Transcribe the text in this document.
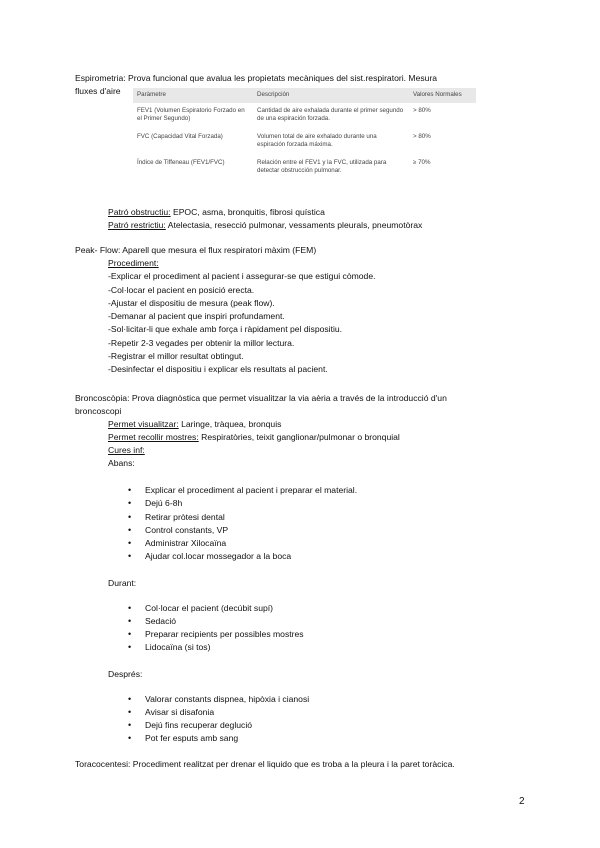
Espirometria: Prova funcional que avalua les propietats mecàniques del sist.respiratori. Mesura
fluxes d'aire	Paràmetre	Descripción	Valores Normales
FEV1 (Volumen Espiratorio Forzado en el Primer Segundo)	Cantidad de aire exhalada durante el primer segundo de una espiración forzada.	> 80%
FVC (Capacidad Vital Forzada)	Volumen total de aire exhalado durante una espiración forzada máxima.	> 80%
Índice de Tiffeneau (FEV1/FVC)	Relación entre el FEV1 y la FVC, utilizada para detectar obstrucción pulmonar.	≥ 70%
Patró obstructiu: EPOC, asma, bronquitis, fibrosi quística
Patró restrictiu: Atelectasia, resecció pulmonar, vessaments pleurals, pneumotòrax
Peak- Flow: Aparell que mesura el flux respiratori màxim (FEM)
Procediment:
-Explicar el procediment al pacient i assegurar-se que estigui còmode.
-Col·locar el pacient en posició erecta.
-Ajustar el dispositiu de mesura (peak flow).
-Demanar al pacient que inspiri profundament.
-Sol·licitar-li que exhale amb força i ràpidament pel dispositiu.
-Repetir 2-3 vegades per obtenir la millor lectura.
-Registrar el millor resultat obtingut.
-Desinfectar el dispositiu i explicar els resultats al pacient.
Broncoscòpia: Prova diagnòstica que permet visualitzar la via aèria a través de la introducció d'un
broncoscopi
Permet visualitzar: Laringe, tràquea, bronquis
Permet recollir mostres: Respiratòries, teixit ganglionar/pulmonar o bronquial
Cures inf:
Abans:
• Explicar el procediment al pacient i preparar el material.
• Dejú 6-8h
• Retirar pròtesi dental
• Control constants, VP
• Administrar Xilocaïna
• Ajudar col.locar mossegador a la boca
Durant:
• Col·locar el pacient (decúbit supí)
• Sedació
• Preparar recipients per possibles mostres
• Lidocaïna (si tos)
Després:
• Valorar constants dispnea, hipòxia i cianosi
• Avisar si disafonia
• Dejú fins recuperar deglució
• Pot fer esputs amb sang
Toracocentesi: Procediment realitzat per drenar el liquido que es troba a la pleura i la paret toràcica.
2
